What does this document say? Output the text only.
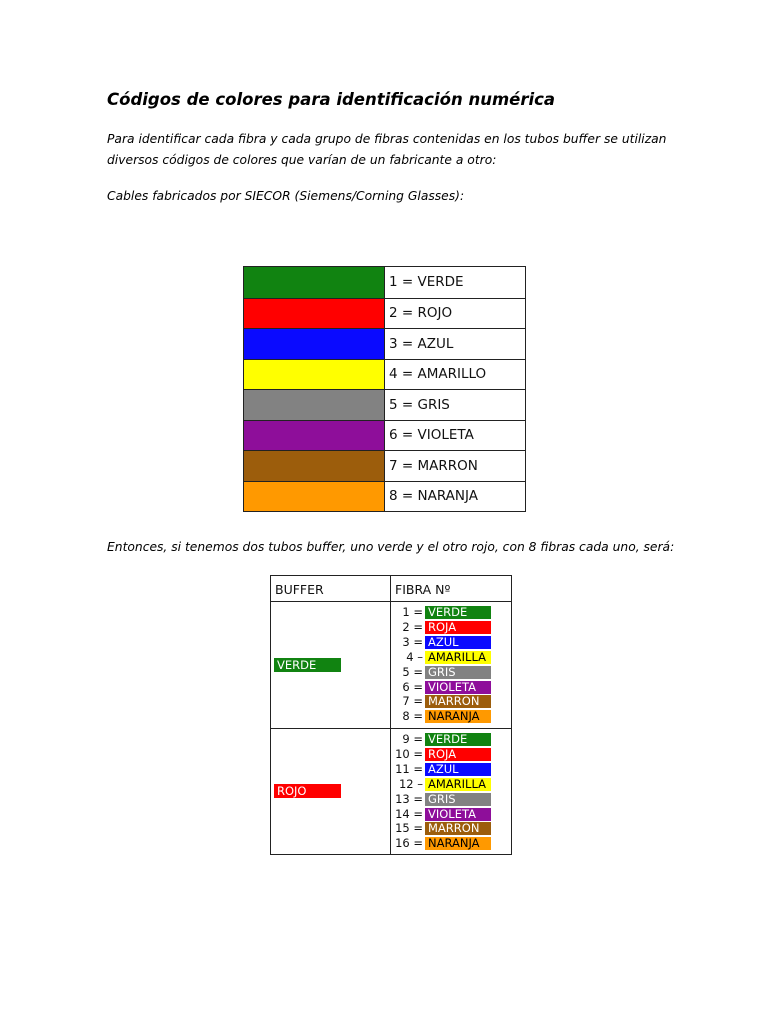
Códigos de colores para identificación numérica
Para identificar cada fibra y cada grupo de fibras contenidas en los tubos buffer se utilizan
diversos códigos de colores que varían de un fabricante a otro:
Cables fabricados por SIECOR (Siemens/Corning Glasses):
1 = VERDE
2 = ROJO
3 = AZUL
4 = AMARILLO
5 = GRIS
6 = VIOLETA
7 = MARRON
8 = NARANJA
Entonces, si tenemos dos tubos buffer, uno verde y el otro rojo, con 8 fibras cada uno, será:
BUFFER	FIBRA Nº
VERDE
1 = VERDE
2 = ROJA
3 = AZUL
4 – AMARILLA
5 = GRIS
6 = VIOLETA
7 = MARRON
8 = NARANJA
ROJO
9 = VERDE
10 = ROJA
11 = AZUL
12 – AMARILLA
13 = GRIS
14 = VIOLETA
15 = MARRON
16 = NARANJA
